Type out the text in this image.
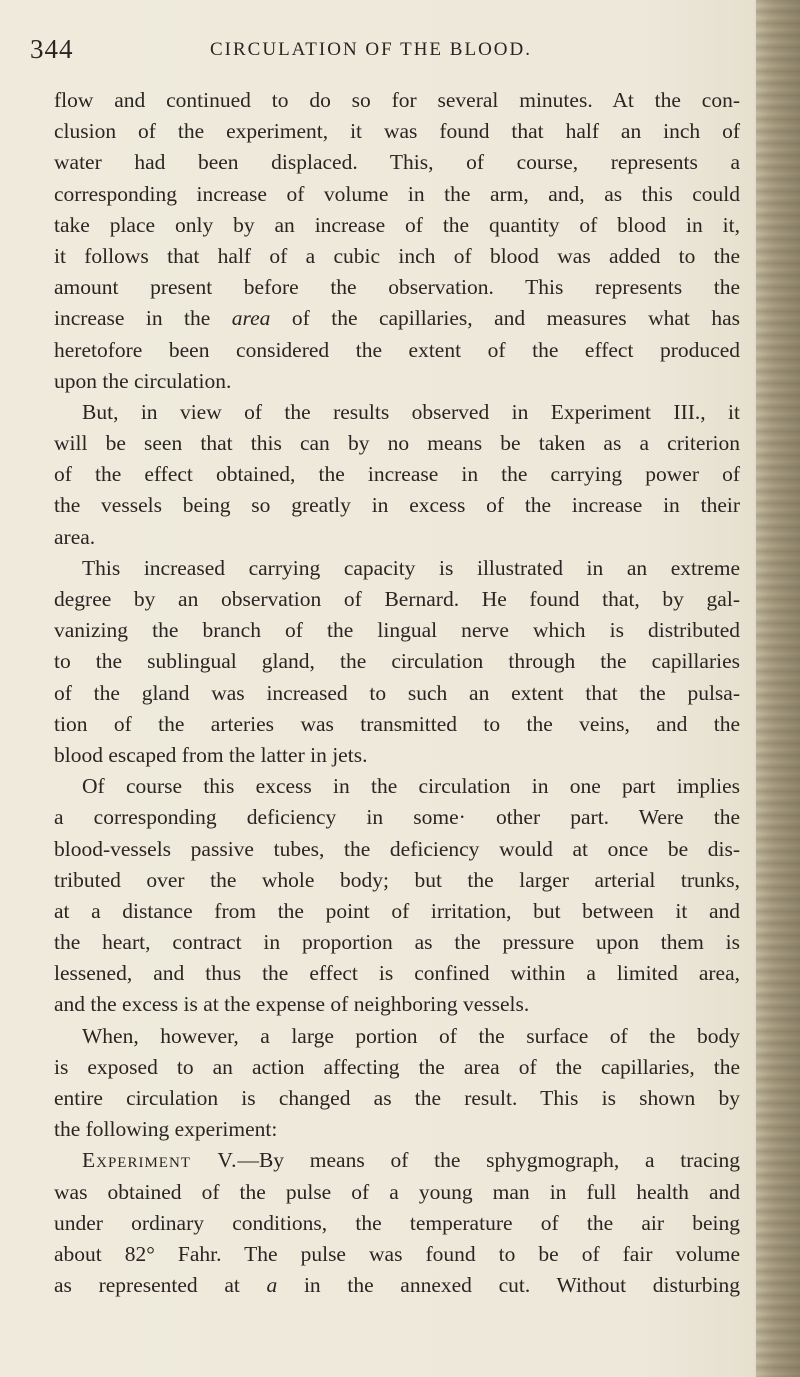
344	CIRCULATION OF THE BLOOD.
flow and continued to do so for several minutes. At the con-
clusion of the experiment, it was found that half an inch of
water had been displaced. This, of course, represents a
corresponding increase of volume in the arm, and, as this could
take place only by an increase of the quantity of blood in it,
it follows that half of a cubic inch of blood was added to the
amount present before the observation. This represents the
increase in the area of the capillaries, and measures what has
heretofore been considered the extent of the effect produced
upon the circulation.
But, in view of the results observed in Experiment III., it
will be seen that this can by no means be taken as a criterion
of the effect obtained, the increase in the carrying power of
the vessels being so greatly in excess of the increase in their
area.
This increased carrying capacity is illustrated in an extreme
degree by an observation of Bernard. He found that, by gal-
vanizing the branch of the lingual nerve which is distributed
to the sublingual gland, the circulation through the capillaries
of the gland was increased to such an extent that the pulsa-
tion of the arteries was transmitted to the veins, and the
blood escaped from the latter in jets.
Of course this excess in the circulation in one part implies
a corresponding deficiency in some· other part. Were the
blood-vessels passive tubes, the deficiency would at once be dis-
tributed over the whole body; but the larger arterial trunks,
at a distance from the point of irritation, but between it and
the heart, contract in proportion as the pressure upon them is
lessened, and thus the effect is confined within a limited area,
and the excess is at the expense of neighboring vessels.
When, however, a large portion of the surface of the body
is exposed to an action affecting the area of the capillaries, the
entire circulation is changed as the result. This is shown by
the following experiment:
Experiment V.—By means of the sphygmograph, a tracing
was obtained of the pulse of a young man in full health and
under ordinary conditions, the temperature of the air being
about 82° Fahr. The pulse was found to be of fair volume
as represented at a in the annexed cut. Without disturbing
